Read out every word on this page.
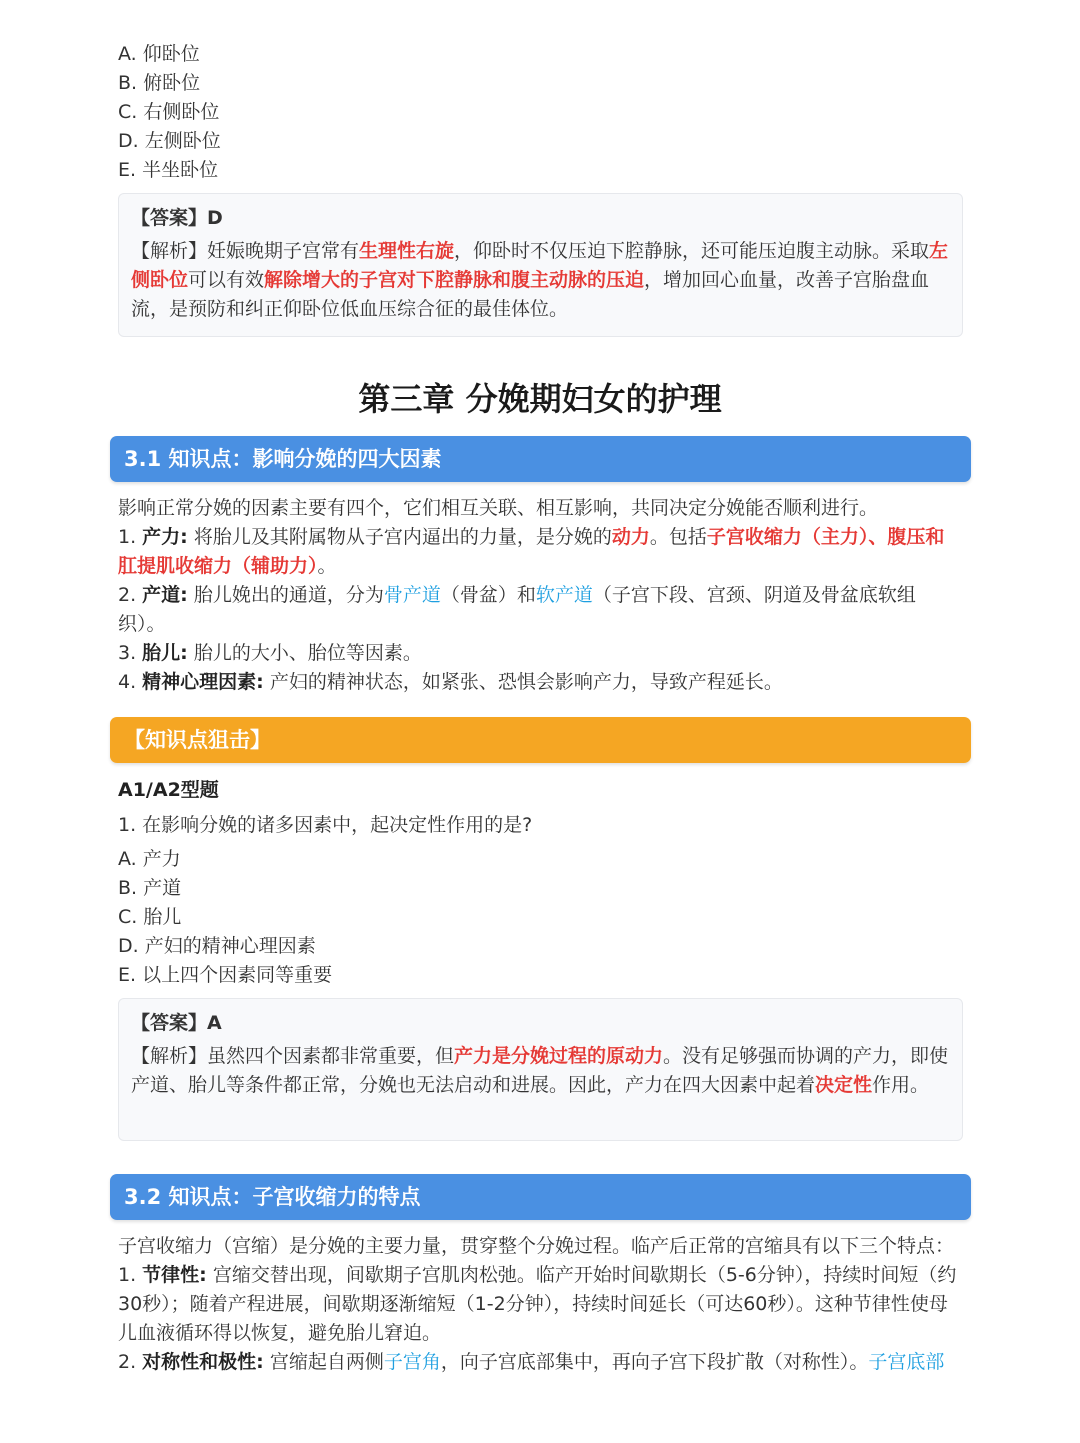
A. 仰卧位
B. 俯卧位
C. 右侧卧位
D. 左侧卧位
E. 半坐卧位
【答案】D
【解析】妊娠晚期子宫常有生理性右旋，仰卧时不仅压迫下腔静脉，还可能压迫腹主动脉。采取左侧卧位可以有效解除增大的子宫对下腔静脉和腹主动脉的压迫，增加回心血量，改善子宫胎盘血流，是预防和纠正仰卧位低血压综合征的最佳体位。
第三章 分娩期妇女的护理
3.1 知识点：影响分娩的四大因素
影响正常分娩的因素主要有四个，它们相互关联、相互影响，共同决定分娩能否顺利进行。
1. 产力: 将胎儿及其附属物从子宫内逼出的力量，是分娩的动力。包括子宫收缩力（主力）、腹压和肛提肌收缩力（辅助力）。
2. 产道: 胎儿娩出的通道，分为骨产道（骨盆）和软产道（子宫下段、宫颈、阴道及骨盆底软组织）。
3. 胎儿: 胎儿的大小、胎位等因素。
4. 精神心理因素: 产妇的精神状态，如紧张、恐惧会影响产力，导致产程延长。
【知识点狙击】
A1/A2型题
1. 在影响分娩的诸多因素中，起决定性作用的是?
A. 产力
B. 产道
C. 胎儿
D. 产妇的精神心理因素
E. 以上四个因素同等重要
【答案】A
【解析】虽然四个因素都非常重要，但产力是分娩过程的原动力。没有足够强而协调的产力，即使产道、胎儿等条件都正常，分娩也无法启动和进展。因此，产力在四大因素中起着决定性作用。
3.2 知识点：子宫收缩力的特点
子宫收缩力（宫缩）是分娩的主要力量，贯穿整个分娩过程。临产后正常的宫缩具有以下三个特点：
1. 节律性: 宫缩交替出现，间歇期子宫肌肉松弛。临产开始时间歇期长（5-6分钟），持续时间短（约30秒）；随着产程进展，间歇期逐渐缩短（1-2分钟），持续时间延长（可达60秒）。这种节律性使母儿血液循环得以恢复，避免胎儿窘迫。
2. 对称性和极性: 宫缩起自两侧子宫角，向子宫底部集中，再向子宫下段扩散（对称性）。子宫底部
